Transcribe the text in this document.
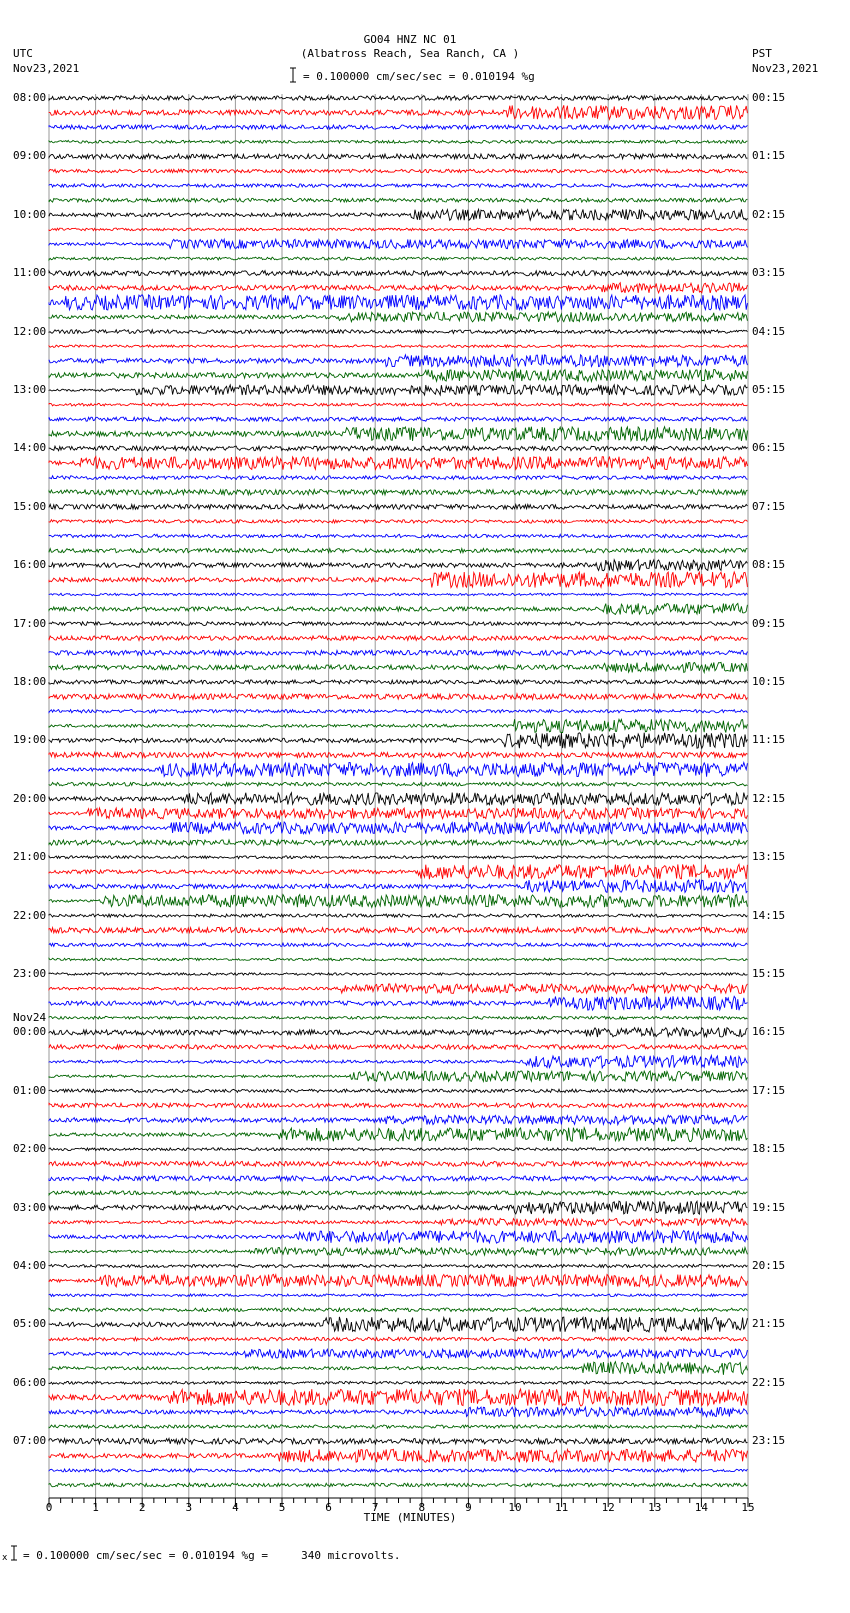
GO04 HNZ NC 01
(Albatross Reach, Sea Ranch, CA )
UTC
Nov23,2021
PST
Nov23,2021
= 0.100000 cm/sec/sec = 0.010194 %g
08:00
09:00
10:00
11:00
12:00
13:00
14:00
15:00
16:00
17:00
18:00
19:00
20:00
21:00
22:00
23:00
00:00
01:00
02:00
03:00
04:00
05:00
06:00
07:00
00:15
01:15
02:15
03:15
04:15
05:15
06:15
07:15
08:15
09:15
10:15
11:15
12:15
13:15
14:15
15:15
16:15
17:15
18:15
19:15
20:15
21:15
22:15
23:15
Nov24
0	1	2	3	4	5	6	7	8	9	10	11	12	13	14	15
TIME (MINUTES)
x = 0.100000 cm/sec/sec = 0.010194 %g =     340 microvolts.
